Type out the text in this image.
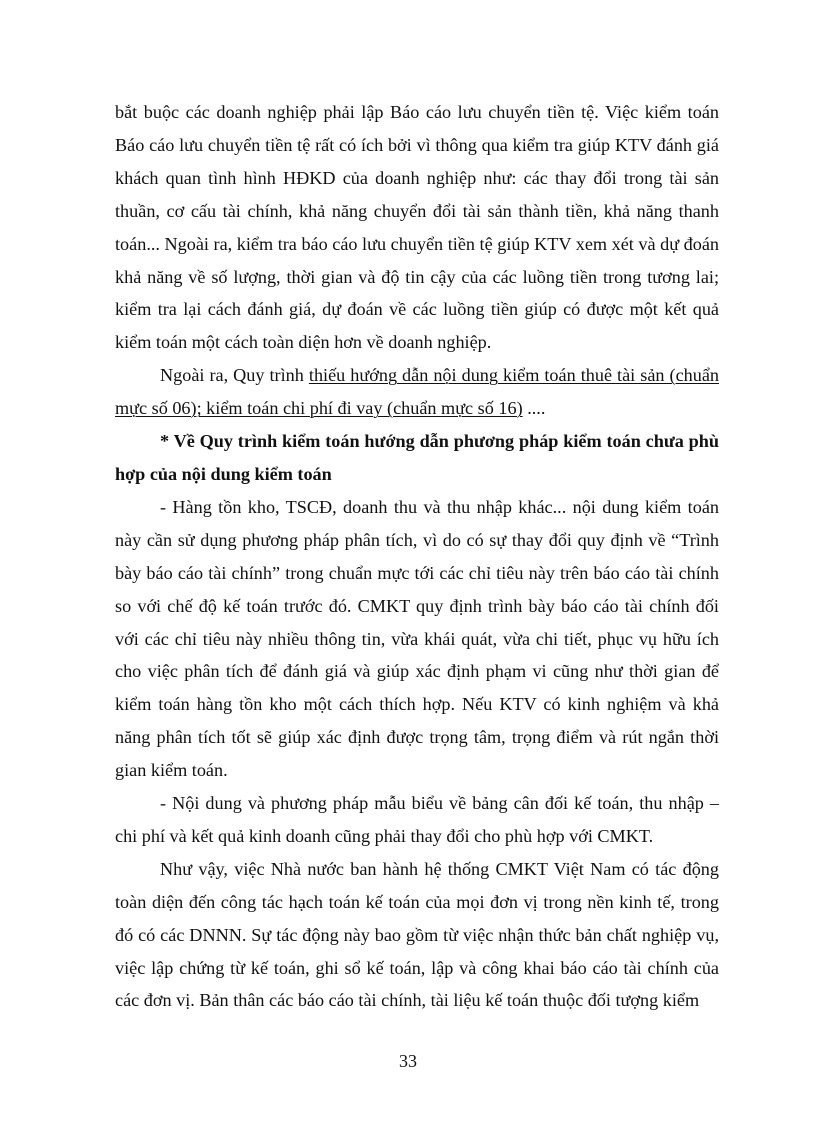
bắt buộc các doanh nghiệp phải lập Báo cáo lưu chuyển tiền tệ. Việc kiểm toán Báo cáo lưu chuyển tiền tệ rất có ích bởi vì thông qua kiểm tra giúp KTV đánh giá khách quan tình hình HĐKD của doanh nghiệp như: các thay đổi trong tài sản thuần, cơ cấu tài chính, khả năng chuyển đổi tài sản thành tiền, khả năng thanh toán... Ngoài ra, kiểm tra báo cáo lưu chuyển tiền tệ giúp KTV xem xét và dự đoán khả năng về số lượng, thời gian và độ tin cậy của các luồng tiền trong tương lai; kiểm tra lại cách đánh giá, dự đoán về các luồng tiền giúp có được một kết quả kiểm toán một cách toàn diện hơn về doanh nghiệp.

Ngoài ra, Quy trình thiếu hướng dẫn nội dung kiểm toán thuê tài sản (chuẩn mực số 06); kiểm toán chi phí đi vay (chuẩn mực số 16) ....

* Về Quy trình kiểm toán hướng dẫn phương pháp kiểm toán chưa phù hợp của nội dung kiểm toán

- Hàng tồn kho, TSCĐ, doanh thu và thu nhập khác... nội dung kiểm toán này cần sử dụng phương pháp phân tích, vì do có sự thay đổi quy định về “Trình bày báo cáo tài chính” trong chuẩn mực tới các chỉ tiêu này trên báo cáo tài chính so với chế độ kế toán trước đó. CMKT quy định trình bày báo cáo tài chính đối với các chỉ tiêu này nhiều thông tin, vừa khái quát, vừa chi tiết, phục vụ hữu ích cho việc phân tích để đánh giá và giúp xác định phạm vi cũng như thời gian để kiểm toán hàng tồn kho một cách thích hợp. Nếu KTV có kinh nghiệm và khả năng phân tích tốt sẽ giúp xác định được trọng tâm, trọng điểm và rút ngắn thời gian kiểm toán.

- Nội dung và phương pháp mẫu biểu về bảng cân đối kế toán, thu nhập – chi phí và kết quả kinh doanh cũng phải thay đổi cho phù hợp với CMKT.

Như vậy, việc Nhà nước ban hành hệ thống CMKT Việt Nam có tác động toàn diện đến công tác hạch toán kế toán của mọi đơn vị trong nền kinh tế, trong đó có các DNNN. Sự tác động này bao gồm từ việc nhận thức bản chất nghiệp vụ, việc lập chứng từ kế toán, ghi sổ kế toán, lập và công khai báo cáo tài chính của các đơn vị. Bản thân các báo cáo tài chính, tài liệu kế toán thuộc đối tượng kiểm

33
